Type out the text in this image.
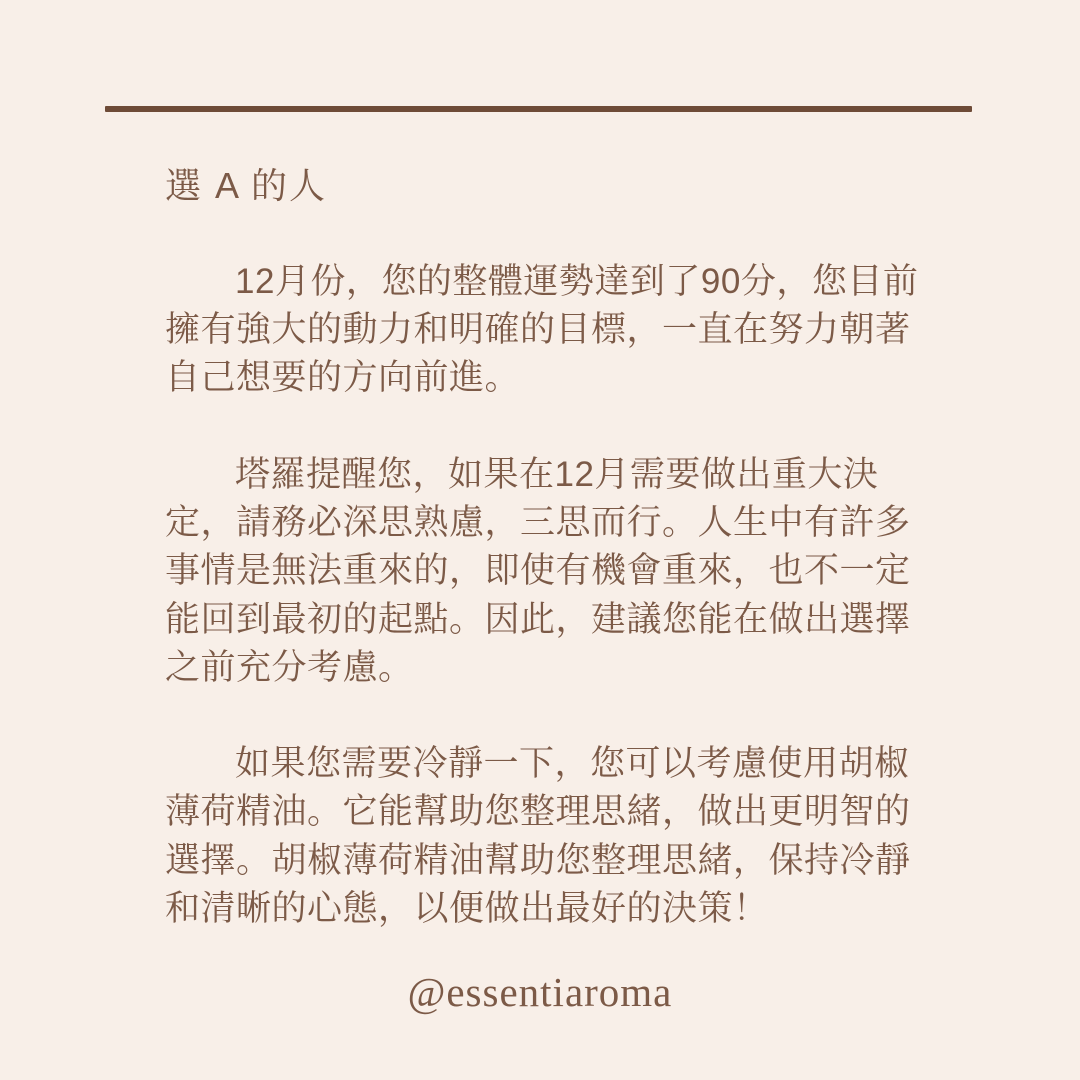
選 A 的人

12月份，您的整體運勢達到了90分，您目前擁有強大的動力和明確的目標，一直在努力朝著自己想要的方向前進。

塔羅提醒您，如果在12月需要做出重大決定，請務必深思熟慮，三思而行。人生中有許多事情是無法重來的，即使有機會重來，也不一定能回到最初的起點。因此，建議您能在做出選擇之前充分考慮。

如果您需要冷靜一下，您可以考慮使用胡椒薄荷精油。它能幫助您整理思緒，做出更明智的選擇。胡椒薄荷精油幫助您整理思緒，保持冷靜和清晰的心態，以便做出最好的決策！

@essentiaroma
